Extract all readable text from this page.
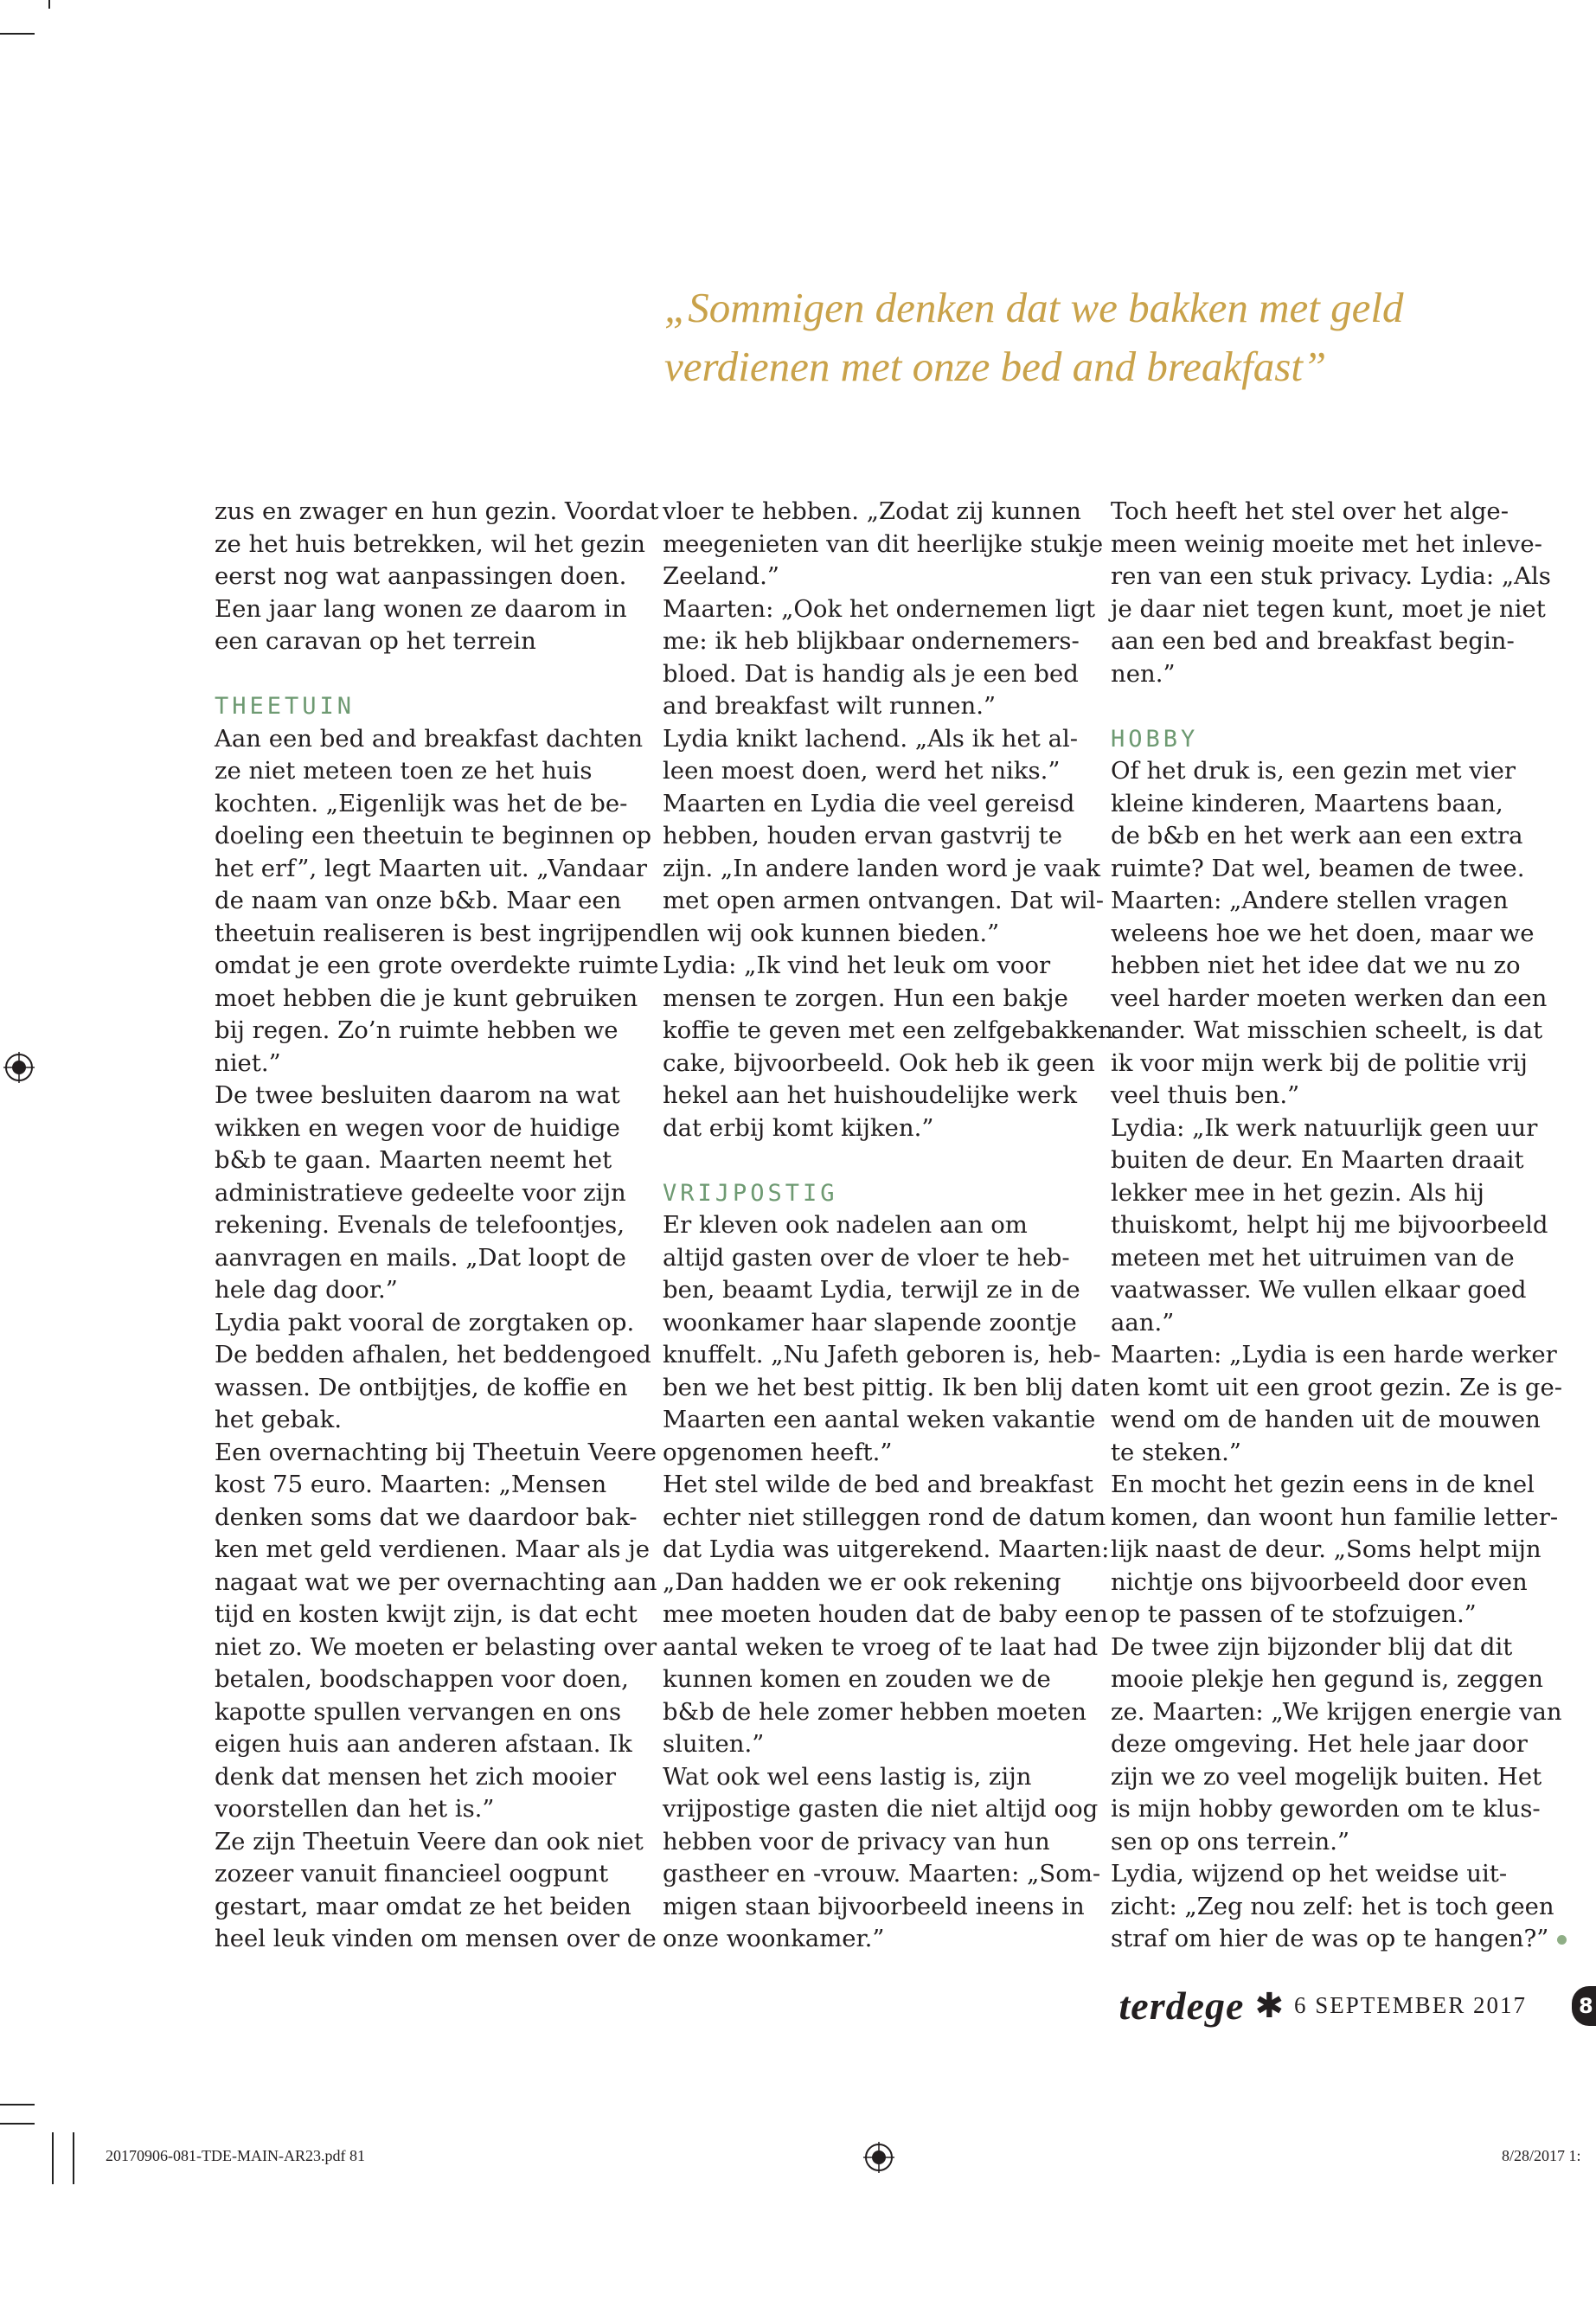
„Sommigen denken dat we bakken met geld
verdienen met onze bed and breakfast”
zus en zwager en hun gezin. Voordat
ze het huis betrekken, wil het gezin
eerst nog wat aanpassingen doen.
Een jaar lang wonen ze daarom in
een caravan op het terrein
THEETUIN
Aan een bed and breakfast dachten
ze niet meteen toen ze het huis
kochten. „Eigenlijk was het de be-
doeling een theetuin te beginnen op
het erf”, legt Maarten uit. „Vandaar
de naam van onze b&b. Maar een
theetuin realiseren is best ingrijpend
omdat je een grote overdekte ruimte
moet hebben die je kunt gebruiken
bij regen. Zo’n ruimte hebben we
niet.”
De twee besluiten daarom na wat
wikken en wegen voor de huidige
b&b te gaan. Maarten neemt het
administratieve gedeelte voor zijn
rekening. Evenals de telefoontjes,
aanvragen en mails. „Dat loopt de
hele dag door.”
Lydia pakt vooral de zorgtaken op.
De bedden afhalen, het beddengoed
wassen. De ontbijtjes, de koffie en
het gebak.
Een overnachting bij Theetuin Veere
kost 75 euro. Maarten: „Mensen
denken soms dat we daardoor bak-
ken met geld verdienen. Maar als je
nagaat wat we per overnachting aan
tijd en kosten kwijt zijn, is dat echt
niet zo. We moeten er belasting over
betalen, boodschappen voor doen,
kapotte spullen vervangen en ons
eigen huis aan anderen afstaan. Ik
denk dat mensen het zich mooier
voorstellen dan het is.”
Ze zijn Theetuin Veere dan ook niet
zozeer vanuit financieel oogpunt
gestart, maar omdat ze het beiden
heel leuk vinden om mensen over de
vloer te hebben. „Zodat zij kunnen
meegenieten van dit heerlijke stukje
Zeeland.”
Maarten: „Ook het ondernemen ligt
me: ik heb blijkbaar ondernemers-
bloed. Dat is handig als je een bed
and breakfast wilt runnen.”
Lydia knikt lachend. „Als ik het al-
leen moest doen, werd het niks.”
Maarten en Lydia die veel gereisd
hebben, houden ervan gastvrij te
zijn. „In andere landen word je vaak
met open armen ontvangen. Dat wil-
len wij ook kunnen bieden.”
Lydia: „Ik vind het leuk om voor
mensen te zorgen. Hun een bakje
koffie te geven met een zelfgebakken
cake, bijvoorbeeld. Ook heb ik geen
hekel aan het huishoudelijke werk
dat erbij komt kijken.”
VRIJPOSTIG
Er kleven ook nadelen aan om
altijd gasten over de vloer te heb-
ben, beaamt Lydia, terwijl ze in de
woonkamer haar slapende zoontje
knuffelt. „Nu Jafeth geboren is, heb-
ben we het best pittig. Ik ben blij dat
Maarten een aantal weken vakantie
opgenomen heeft.”
Het stel wilde de bed and breakfast
echter niet stilleggen rond de datum
dat Lydia was uitgerekend. Maarten:
„Dan hadden we er ook rekening
mee moeten houden dat de baby een
aantal weken te vroeg of te laat had
kunnen komen en zouden we de
b&b de hele zomer hebben moeten
sluiten.”
Wat ook wel eens lastig is, zijn
vrijpostige gasten die niet altijd oog
hebben voor de privacy van hun
gastheer en -vrouw. Maarten: „Som-
migen staan bijvoorbeeld ineens in
onze woonkamer.”
Toch heeft het stel over het alge-
meen weinig moeite met het inleve-
ren van een stuk privacy. Lydia: „Als
je daar niet tegen kunt, moet je niet
aan een bed and breakfast begin-
nen.”
HOBBY
Of het druk is, een gezin met vier
kleine kinderen, Maartens baan,
de b&b en het werk aan een extra
ruimte? Dat wel, beamen de twee.
Maarten: „Andere stellen vragen
weleens hoe we het doen, maar we
hebben niet het idee dat we nu zo
veel harder moeten werken dan een
ander. Wat misschien scheelt, is dat
ik voor mijn werk bij de politie vrij
veel thuis ben.”
Lydia: „Ik werk natuurlijk geen uur
buiten de deur. En Maarten draait
lekker mee in het gezin. Als hij
thuiskomt, helpt hij me bijvoorbeeld
meteen met het uitruimen van de
vaatwasser. We vullen elkaar goed
aan.”
Maarten: „Lydia is een harde werker
en komt uit een groot gezin. Ze is ge-
wend om de handen uit de mouwen
te steken.”
En mocht het gezin eens in de knel
komen, dan woont hun familie letter-
lijk naast de deur. „Soms helpt mijn
nichtje ons bijvoorbeeld door even
op te passen of te stofzuigen.”
De twee zijn bijzonder blij dat dit
mooie plekje hen gegund is, zeggen
ze. Maarten: „We krijgen energie van
deze omgeving. Het hele jaar door
zijn we zo veel mogelijk buiten. Het
is mijn hobby geworden om te klus-
sen op ons terrein.”
Lydia, wijzend op het weidse uit-
zicht: „Zeg nou zelf: het is toch geen
straf om hier de was op te hangen?”
terdege ✱ 6 SEPTEMBER 2017	8
20170906-081-TDE-MAIN-AR23.pdf 81	8/28/2017 1:
